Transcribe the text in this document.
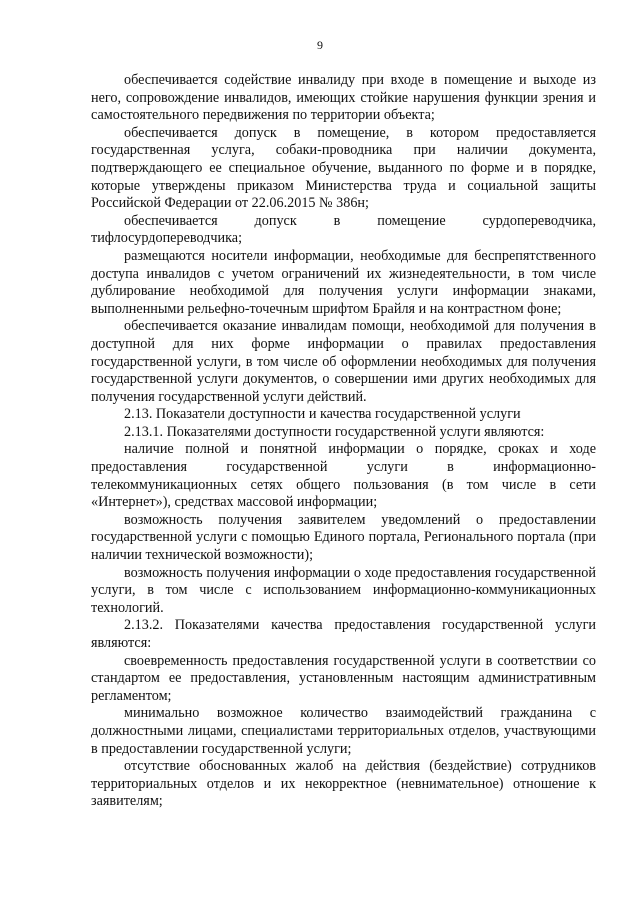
9

обеспечивается содействие инвалиду при входе в помещение и выходе из него, сопровождение инвалидов, имеющих стойкие нарушения функции зрения и самостоятельного передвижения по территории объекта;

обеспечивается допуск в помещение, в котором предоставляется государственная услуга, собаки-проводника при наличии документа, подтверждающего ее специальное обучение, выданного по форме и в порядке, которые утверждены приказом Министерства труда и социальной защиты Российской Федерации от 22.06.2015 № 386н;

обеспечивается допуск в помещение сурдопереводчика, тифлосурдопереводчика;

размещаются носители информации, необходимые для беспрепятственного доступа инвалидов с учетом ограничений их жизнедеятельности, в том числе дублирование необходимой для получения услуги информации знаками, выполненными рельефно-точечным шрифтом Брайля и на контрастном фоне;

обеспечивается оказание инвалидам помощи, необходимой для получения в доступной для них форме информации о правилах предоставления государственной услуги, в том числе об оформлении необходимых для получения государственной услуги документов, о совершении ими других необходимых для получения государственной услуги действий.

2.13. Показатели доступности и качества государственной услуги

2.13.1. Показателями доступности государственной услуги являются:

наличие полной и понятной информации о порядке, сроках и ходе предоставления государственной услуги в информационно-телекоммуникационных сетях общего пользования (в том числе в сети «Интернет»), средствах массовой информации;

возможность получения заявителем уведомлений о предоставлении государственной услуги с помощью Единого портала, Регионального портала (при наличии технической возможности);

возможность получения информации о ходе предоставления государственной услуги, в том числе с использованием информационно-коммуникационных технологий.

2.13.2. Показателями качества предоставления государственной услуги являются:

своевременность предоставления государственной услуги в соответствии со стандартом ее предоставления, установленным настоящим административным регламентом;

минимально возможное количество взаимодействий гражданина с должностными лицами, специалистами территориальных отделов, участвующими в предоставлении государственной услуги;

отсутствие обоснованных жалоб на действия (бездействие) сотрудников территориальных отделов и их некорректное (невнимательное) отношение к заявителям;
